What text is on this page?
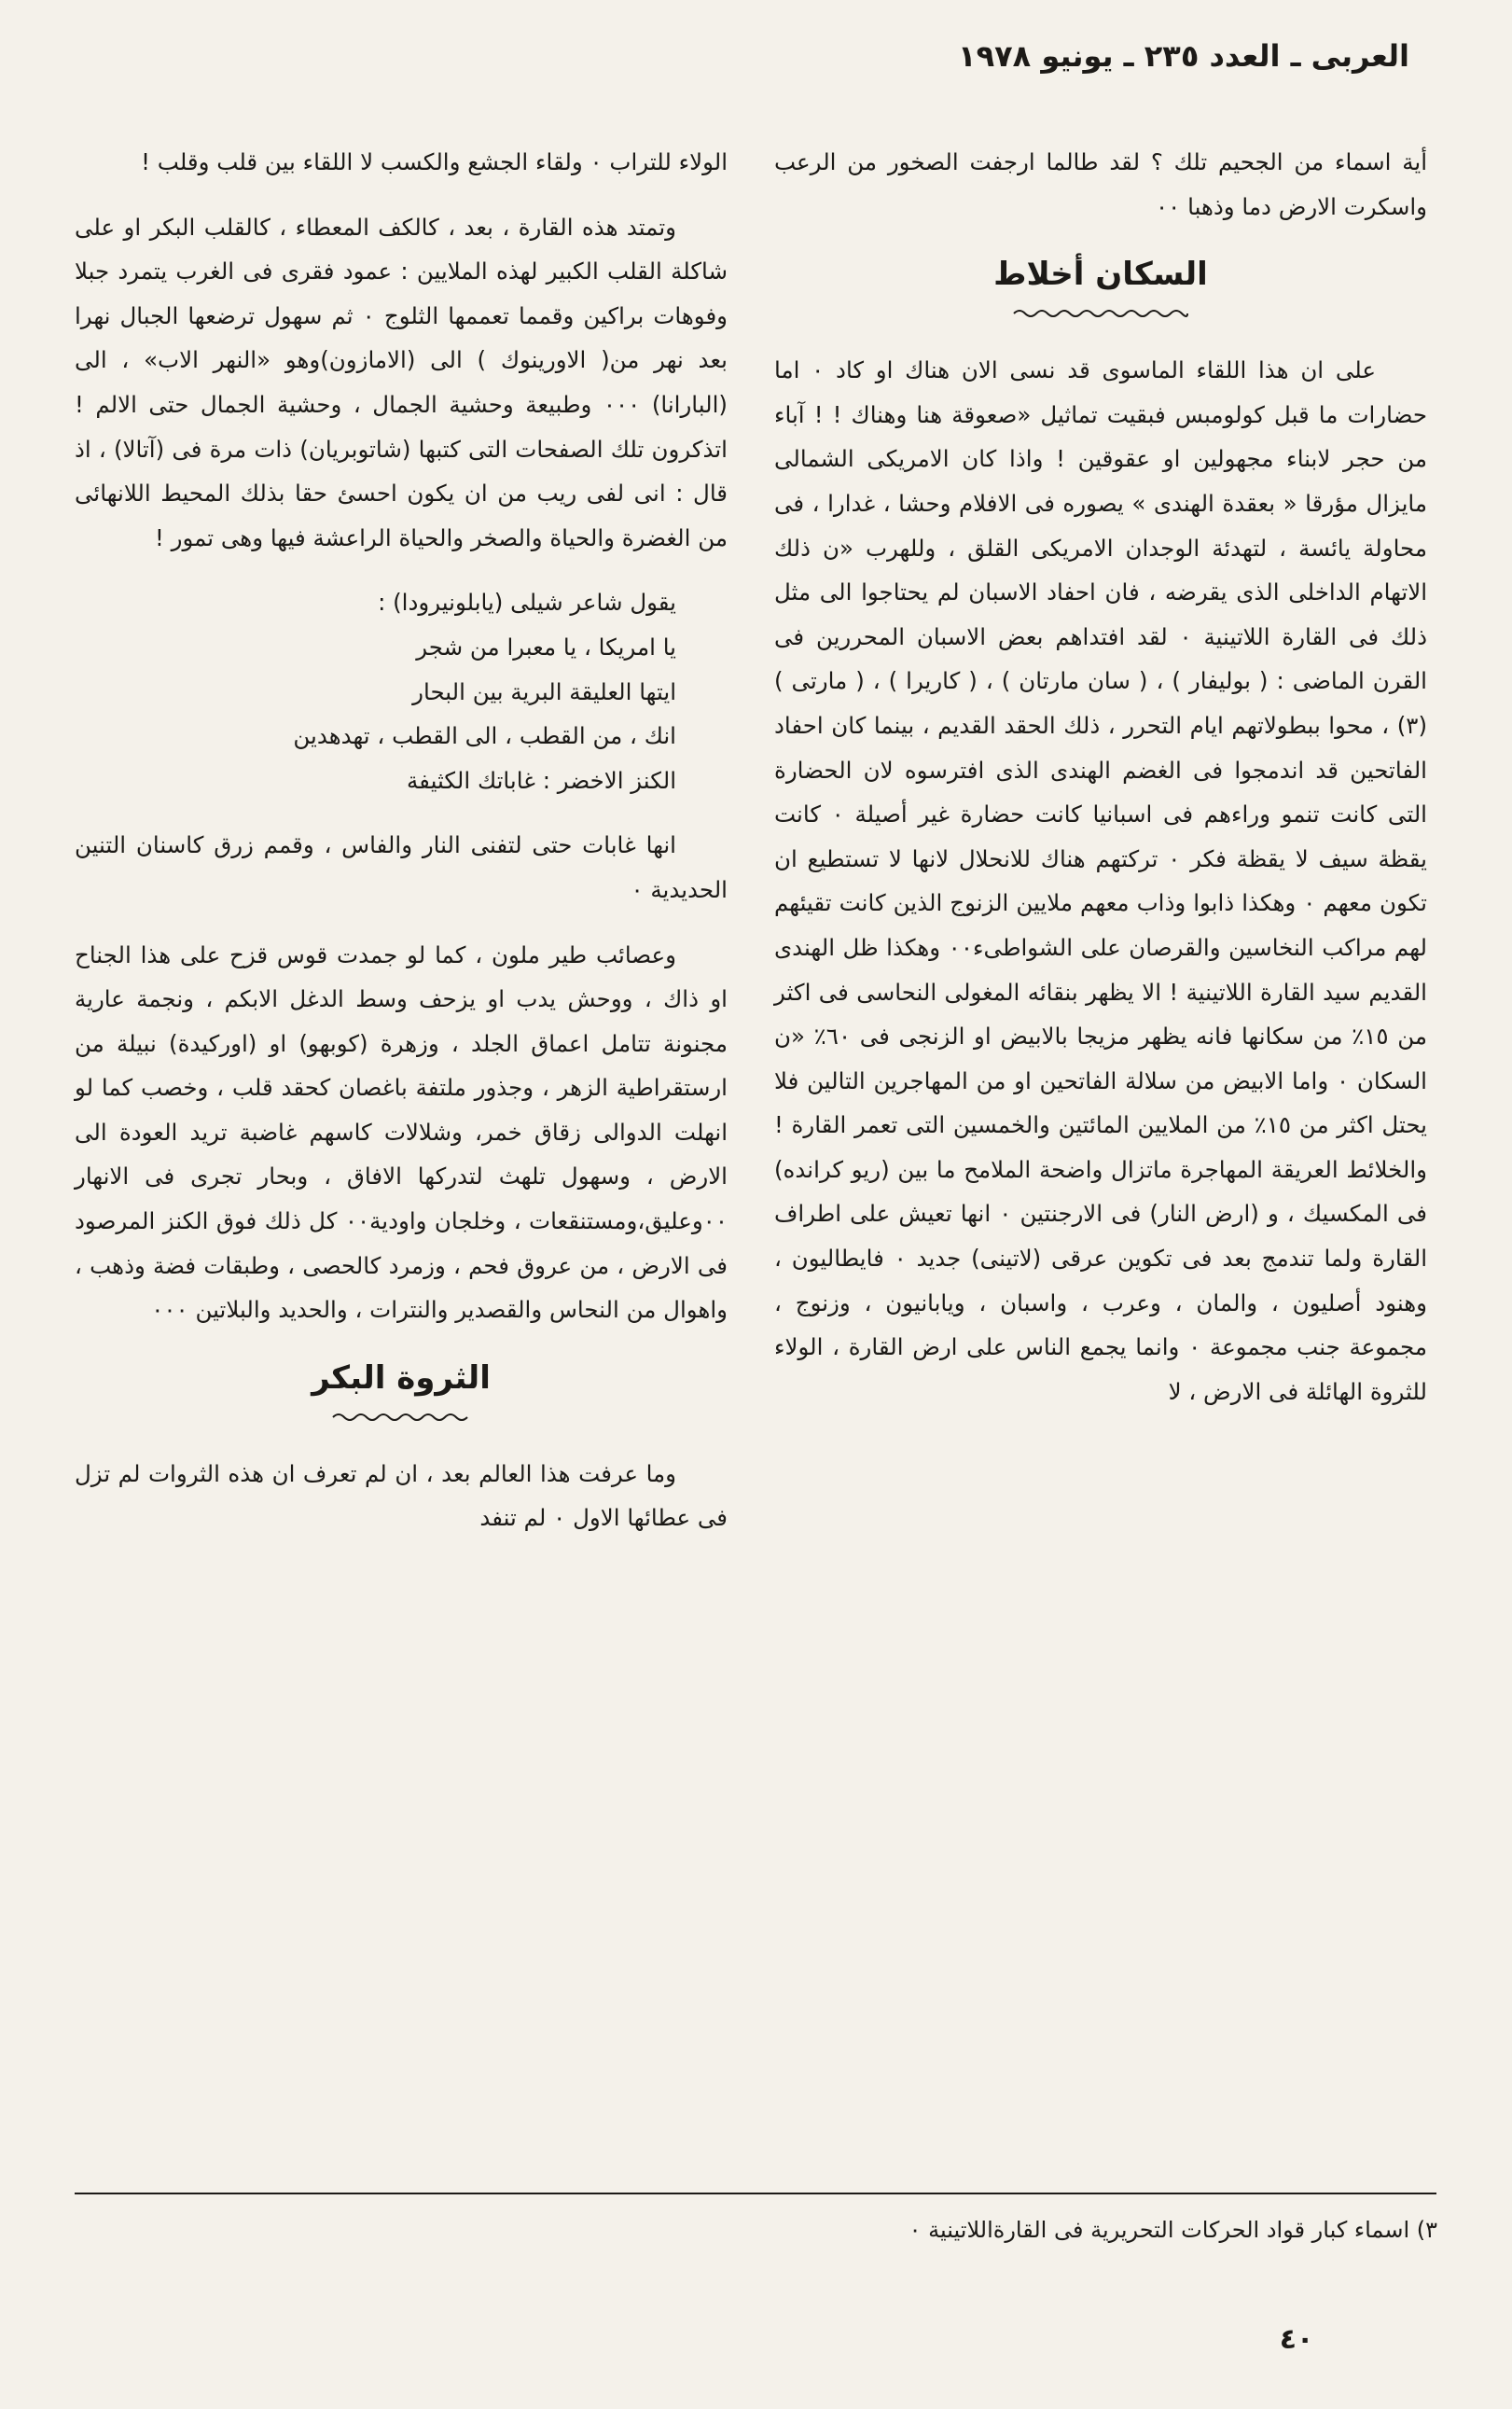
العربى ـ العدد ٢٣٥ ـ يونيو ١٩٧٨

أية اسماء من الجحيم تلك ؟ لقد طالما ارجفت الصخور من الرعب واسكرت الارض دما وذهبا ٠٠

السكان أخلاط

على ان هذا اللقاء الماسوى قد نسى الان هناك او كاد ٠ اما حضارات ما قبل كولومبس فبقيت تماثيل «صعوقة هنا وهناك ! ! آباء من حجر لابناء مجهولين او عقوقين ! واذا كان الامريكى الشمالى مايزال مؤرقا « بعقدة الهندى » يصوره فى الافلام وحشا ، غدارا ، فى محاولة يائسة ، لتهدئة الوجدان الامريكى القلق ، وللهرب «ن ذلك الاتهام الداخلى الذى يقرضه ، فان احفاد الاسبان لم يحتاجوا الى مثل ذلك فى القارة اللاتينية ٠ لقد افتداهم بعض الاسبان المحررين فى القرن الماضى : ( بوليفار ) ، ( سان مارتان ) ، ( كاريرا ) ، ( مارتى ) (٣) ، محوا ببطولاتهم ايام التحرر ، ذلك الحقد القديم ، بينما كان احفاد الفاتحين قد اندمجوا فى الغضم الهندى الذى افترسوه لان الحضارة التى كانت تنمو وراءهم فى اسبانيا كانت حضارة غير أصيلة ٠ كانت يقظة سيف لا يقظة فكر ٠ تركتهم هناك للانحلال لانها لا تستطيع ان تكون معهم ٠ وهكذا ذابوا وذاب معهم ملايين الزنوج الذين كانت تقيئهم لهم مراكب النخاسين والقرصان على الشواطىء٠٠ وهكذا ظل الهندى القديم سيد القارة اللاتينية ! الا يظهر بنقائه المغولى النحاسى فى اكثر من ١٥٪ من سكانها فانه يظهر مزيجا بالابيض او الزنجى فى ٦٠٪ «ن السكان ٠ واما الابيض من سلالة الفاتحين او من المهاجرين التالين فلا يحتل اكثر من ١٥٪ من الملايين المائتين والخمسين التى تعمر القارة ! والخلائط العريقة المهاجرة ماتزال واضحة الملامح ما بين (ريو كرانده) فى المكسيك ، و (ارض النار) فى الارجنتين ٠ انها تعيش على اطراف القارة ولما تندمج بعد فى تكوين عرقى (لاتينى) جديد ٠ فايطاليون ، وهنود أصليون ، والمان ، وعرب ، واسبان ، ويابانيون ، وزنوج ، مجموعة جنب مجموعة ٠ وانما يجمع الناس على ارض القارة ، الولاء للثروة الهائلة فى الارض ، لا

الولاء للتراب ٠ ولقاء الجشع والكسب لا اللقاء بين قلب وقلب !

وتمتد هذه القارة ، بعد ، كالكف المعطاء ، كالقلب البكر او على شاكلة القلب الكبير لهذه الملايين : عمود فقرى فى الغرب يتمرد جبلا وفوهات براكين وقمما تعممها الثلوج ٠ ثم سهول ترضعها الجبال نهرا بعد نهر من( الاورينوك ) الى (الامازون)وهو «النهر الاب» ، الى (البارانا) ٠٠٠ وطبيعة وحشية الجمال ، وحشية الجمال حتى الالم ! اتذكرون تلك الصفحات التى كتبها (شاتوبريان) ذات مرة فى (آتالا) ، اذ قال : انى لفى ريب من ان يكون احسئ حقا بذلك المحيط اللانهائى من الغضرة والحياة والصخر والحياة الراعشة فيها وهى تمور !

يقول شاعر شيلى (يابلونيرودا) :

يا امريكا ، يا معبرا من شجر

ايتها العليقة البرية بين البحار

انك ، من القطب ، الى القطب ، تهدهدين

الكنز الاخضر : غاباتك الكثيفة

انها غابات حتى لتفنى النار والفاس ، وقمم زرق كاسنان التنين الحديدية ٠

وعصائب طير ملون ، كما لو جمدت قوس قزح على هذا الجناح او ذاك ، ووحش يدب او يزحف وسط الدغل الابكم ، ونجمة عارية مجنونة تتامل اعماق الجلد ، وزهرة (كوبهو) او (اوركيدة) نبيلة من ارستقراطية الزهر ، وجذور ملتفة باغصان كحقد قلب ، وخصب كما لو انهلت الدوالى زقاق خمر، وشلالات كاسهم غاضبة تريد العودة الى الارض ، وسهول تلهث لتدركها الافاق ، وبحار تجرى فى الانهار ٠٠وعليق،ومستنقعات ، وخلجان واودية٠٠ كل ذلك فوق الكنز المرصود فى الارض ، من عروق فحم ، وزمرد كالحصى ، وطبقات فضة وذهب ، واهوال من النحاس والقصدير والنترات ، والحديد والبلاتين ٠٠٠

الثروة البكر

وما عرفت هذا العالم بعد ، ان لم تعرف ان هذه الثروات لم تزل فى عطائها الاول ٠ لم تنفد

٣) اسماء كبار قواد الحركات التحريرية فى القارةاللاتينية ٠
٤٠
